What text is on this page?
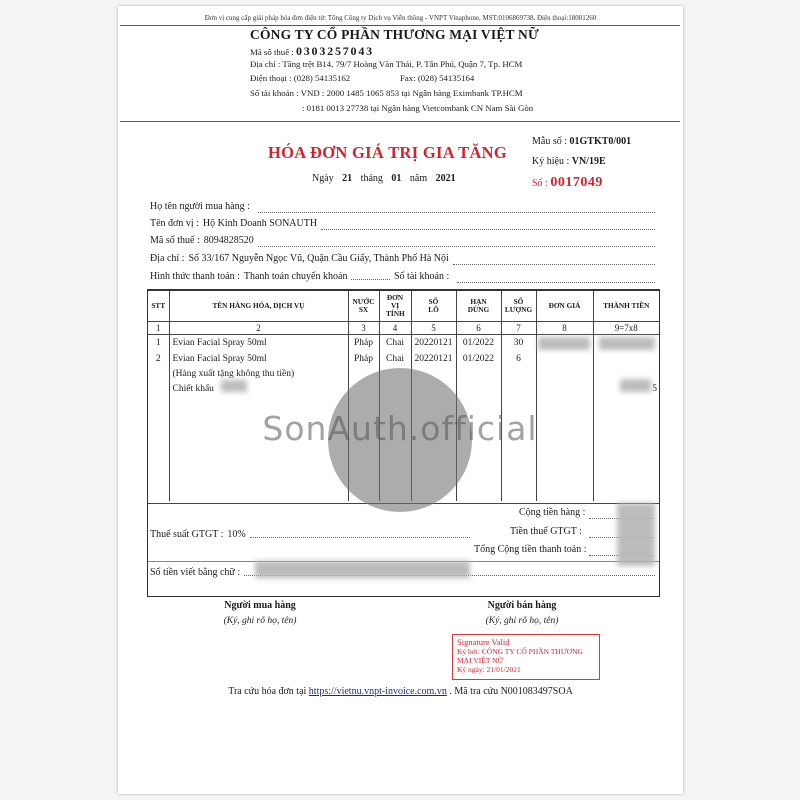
Đơn vị cung cấp giải pháp hóa đơn điện tử: Tổng Công ty Dịch vụ Viễn thông - VNPT Vinaphone, MST:0106869738, Điện thoại:18001260
CÔNG TY CỔ PHẦN THƯƠNG MẠI VIỆT NỮ
Mã số thuế : 0303257043
Địa chỉ : Tầng trệt B14, 79/7 Hoàng Văn Thái, P. Tân Phú, Quận 7, Tp. HCM
Điện thoại : (028) 54135162	Fax: (028) 54135164
Số tài khoản : VND : 2000 1485 1065 853 tại Ngân hàng Eximbank TP.HCM
: 0181 0013 27738 tại Ngân hàng Vietcombank CN Nam Sài Gòn
Mẫu số : 01GTKT0/001
HÓA ĐƠN GIÁ TRỊ GIA TĂNG Ký hiệu : VN/19E
Ngày 21 tháng 01 năm 2021	Số : 0017049
Họ tên người mua hàng :
Tên đơn vị : Hộ Kinh Doanh SONAUTH
Mã số thuế : 8094828520
Địa chỉ : Số 33/167 Nguyễn Ngọc Vũ, Quận Cầu Giấy, Thành Phố Hà Nội
Hình thức thanh toán : Thanh toán chuyển khoản	Số tài khoản :
STT	TÊN HÀNG HÓA, DỊCH VỤ	NƯỚC SX	ĐƠN VỊ TÍNH	SỐ LÔ	HẠN DÙNG	SỐ LƯỢNG	ĐƠN GIÁ	THÀNH TIỀN
1	2	3	4	5	6	7	8	9=7x8
1	Evian Facial Spray 50ml	Pháp	Chai	20220121	01/2022	30		
2	Evian Facial Spray 50ml	Pháp	Chai	20220121	01/2022	6		
	(Hàng xuất tặng không thu tiền)							
	Chiết khấu							5

Cộng tiền hàng :
Thuế suất GTGT : 10%	Tiền thuế GTGT :
Tổng Cộng tiền thanh toán :
Số tiền viết bằng chữ :
SonAuth.official
Người mua hàng
(Ký, ghi rõ họ, tên)
Người bán hàng
(Ký, ghi rõ họ, tên)
Signature Valid
Ký bởi: CÔNG TY CỔ PHẦN THƯƠNG MẠI VIỆT NỮ
Ký ngày: 21/01/2021
Tra cứu hóa đơn tại https://vietnu.vnpt-invoice.com.vn . Mã tra cứu N001083497SOA
